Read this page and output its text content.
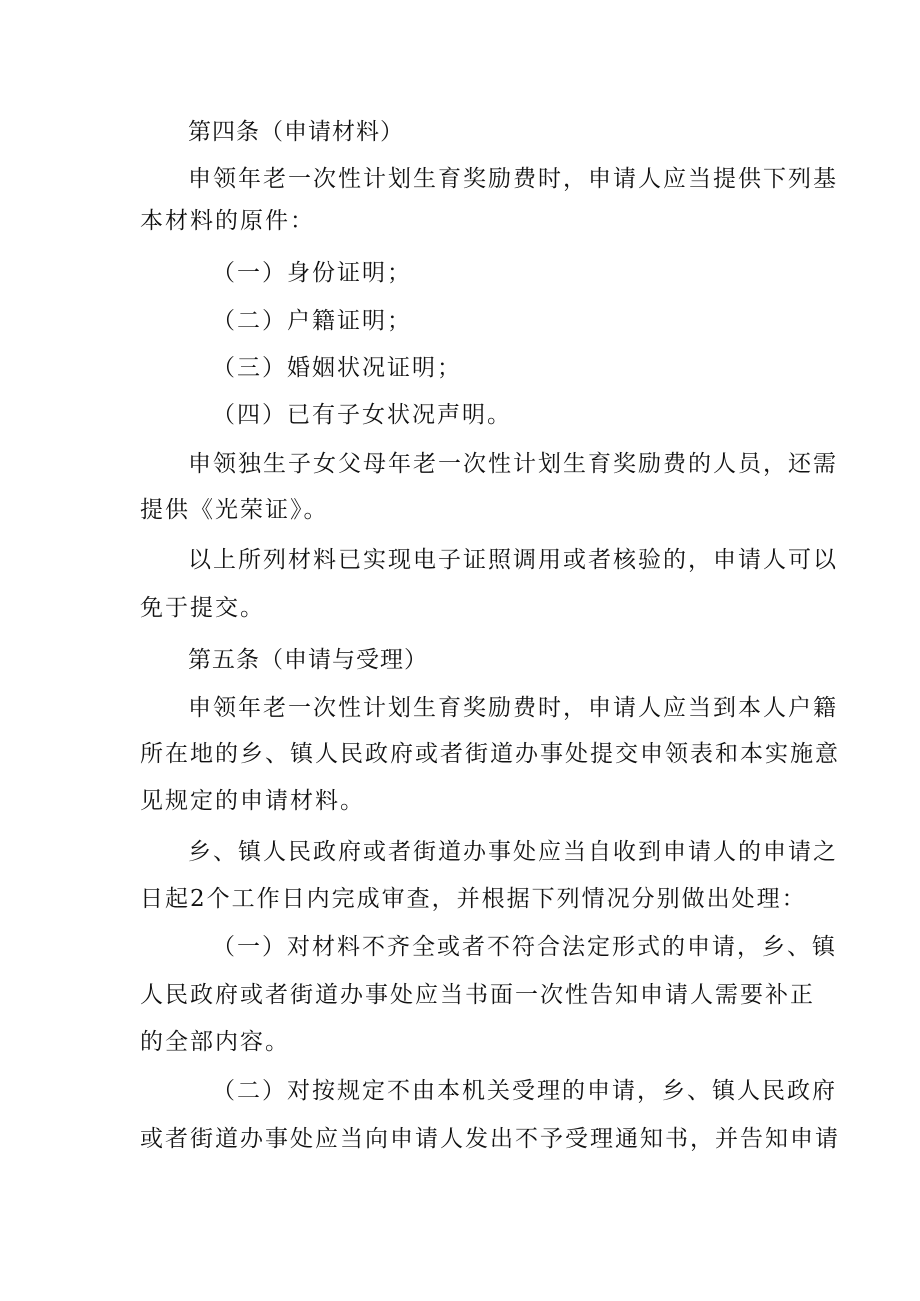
第四条（申请材料）
申领年老一次性计划生育奖励费时，申请人应当提供下列基
本材料的原件：
（一）身份证明；
（二）户籍证明；
（三）婚姻状况证明；
（四）已有子女状况声明。
申领独生子女父母年老一次性计划生育奖励费的人员，还需
提供《光荣证》。
以上所列材料已实现电子证照调用或者核验的，申请人可以
免于提交。
第五条（申请与受理）
申领年老一次性计划生育奖励费时，申请人应当到本人户籍
所在地的乡、镇人民政府或者街道办事处提交申领表和本实施意
见规定的申请材料。
乡、镇人民政府或者街道办事处应当自收到申请人的申请之
日起2个工作日内完成审查，并根据下列情况分别做出处理：
（一）对材料不齐全或者不符合法定形式的申请，乡、镇
人民政府或者街道办事处应当书面一次性告知申请人需要补正
的全部内容。
（二）对按规定不由本机关受理的申请，乡、镇人民政府
或者街道办事处应当向申请人发出不予受理通知书，并告知申请
